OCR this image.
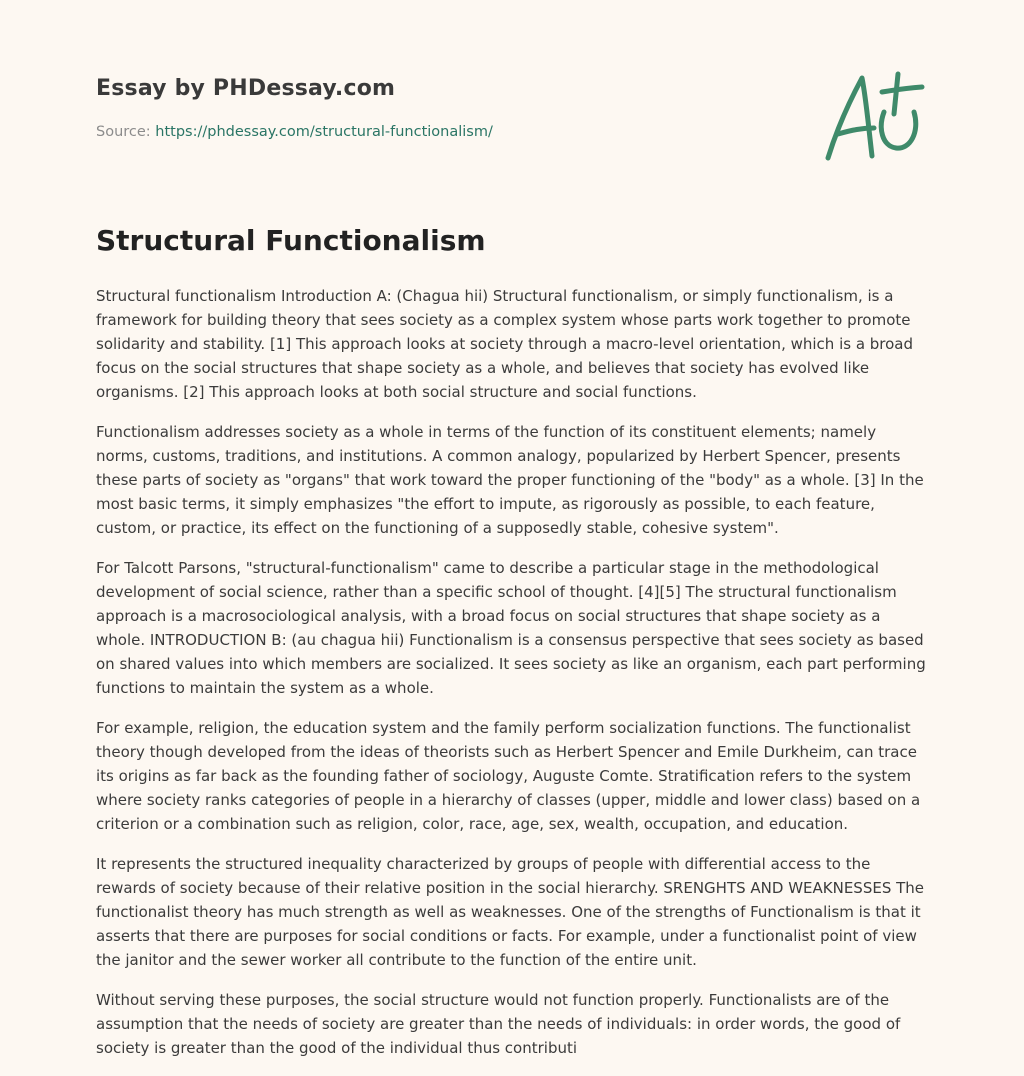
Essay by PHDessay.com

Source: https://phdessay.com/structural-functionalism/

Structural Functionalism

Structural functionalism Introduction A: (Chagua hii) Structural functionalism, or simply functionalism, is a framework for building theory that sees society as a complex system whose parts work together to promote solidarity and stability. [1] This approach looks at society through a macro-level orientation, which is a broad focus on the social structures that shape society as a whole, and believes that society has evolved like organisms. [2] This approach looks at both social structure and social functions.

Functionalism addresses society as a whole in terms of the function of its constituent elements; namely norms, customs, traditions, and institutions. A common analogy, popularized by Herbert Spencer, presents these parts of society as "organs" that work toward the proper functioning of the "body" as a whole. [3] In the most basic terms, it simply emphasizes "the effort to impute, as rigorously as possible, to each feature, custom, or practice, its effect on the functioning of a supposedly stable, cohesive system".

For Talcott Parsons, "structural-functionalism" came to describe a particular stage in the methodological development of social science, rather than a specific school of thought. [4][5] The structural functionalism approach is a macrosociological analysis, with a broad focus on social structures that shape society as a whole. INTRODUCTION B: (au chagua hii) Functionalism is a consensus perspective that sees society as based on shared values into which members are socialized. It sees society as like an organism, each part performing functions to maintain the system as a whole.

For example, religion, the education system and the family perform socialization functions. The functionalist theory though developed from the ideas of theorists such as Herbert Spencer and Emile Durkheim, can trace its origins as far back as the founding father of sociology, Auguste Comte. Stratification refers to the system where society ranks categories of people in a hierarchy of classes (upper, middle and lower class) based on a criterion or a combination such as religion, color, race, age, sex, wealth, occupation, and education.

It represents the structured inequality characterized by groups of people with differential access to the rewards of society because of their relative position in the social hierarchy. SRENGHTS AND WEAKNESSES The functionalist theory has much strength as well as weaknesses. One of the strengths of Functionalism is that it asserts that there are purposes for social conditions or facts. For example, under a functionalist point of view the janitor and the sewer worker all contribute to the function of the entire unit.

Without serving these purposes, the social structure would not function properly. Functionalists are of the assumption that the needs of society are greater than the needs of individuals: in order words, the good of society is greater than the good of the individual thus contributi
